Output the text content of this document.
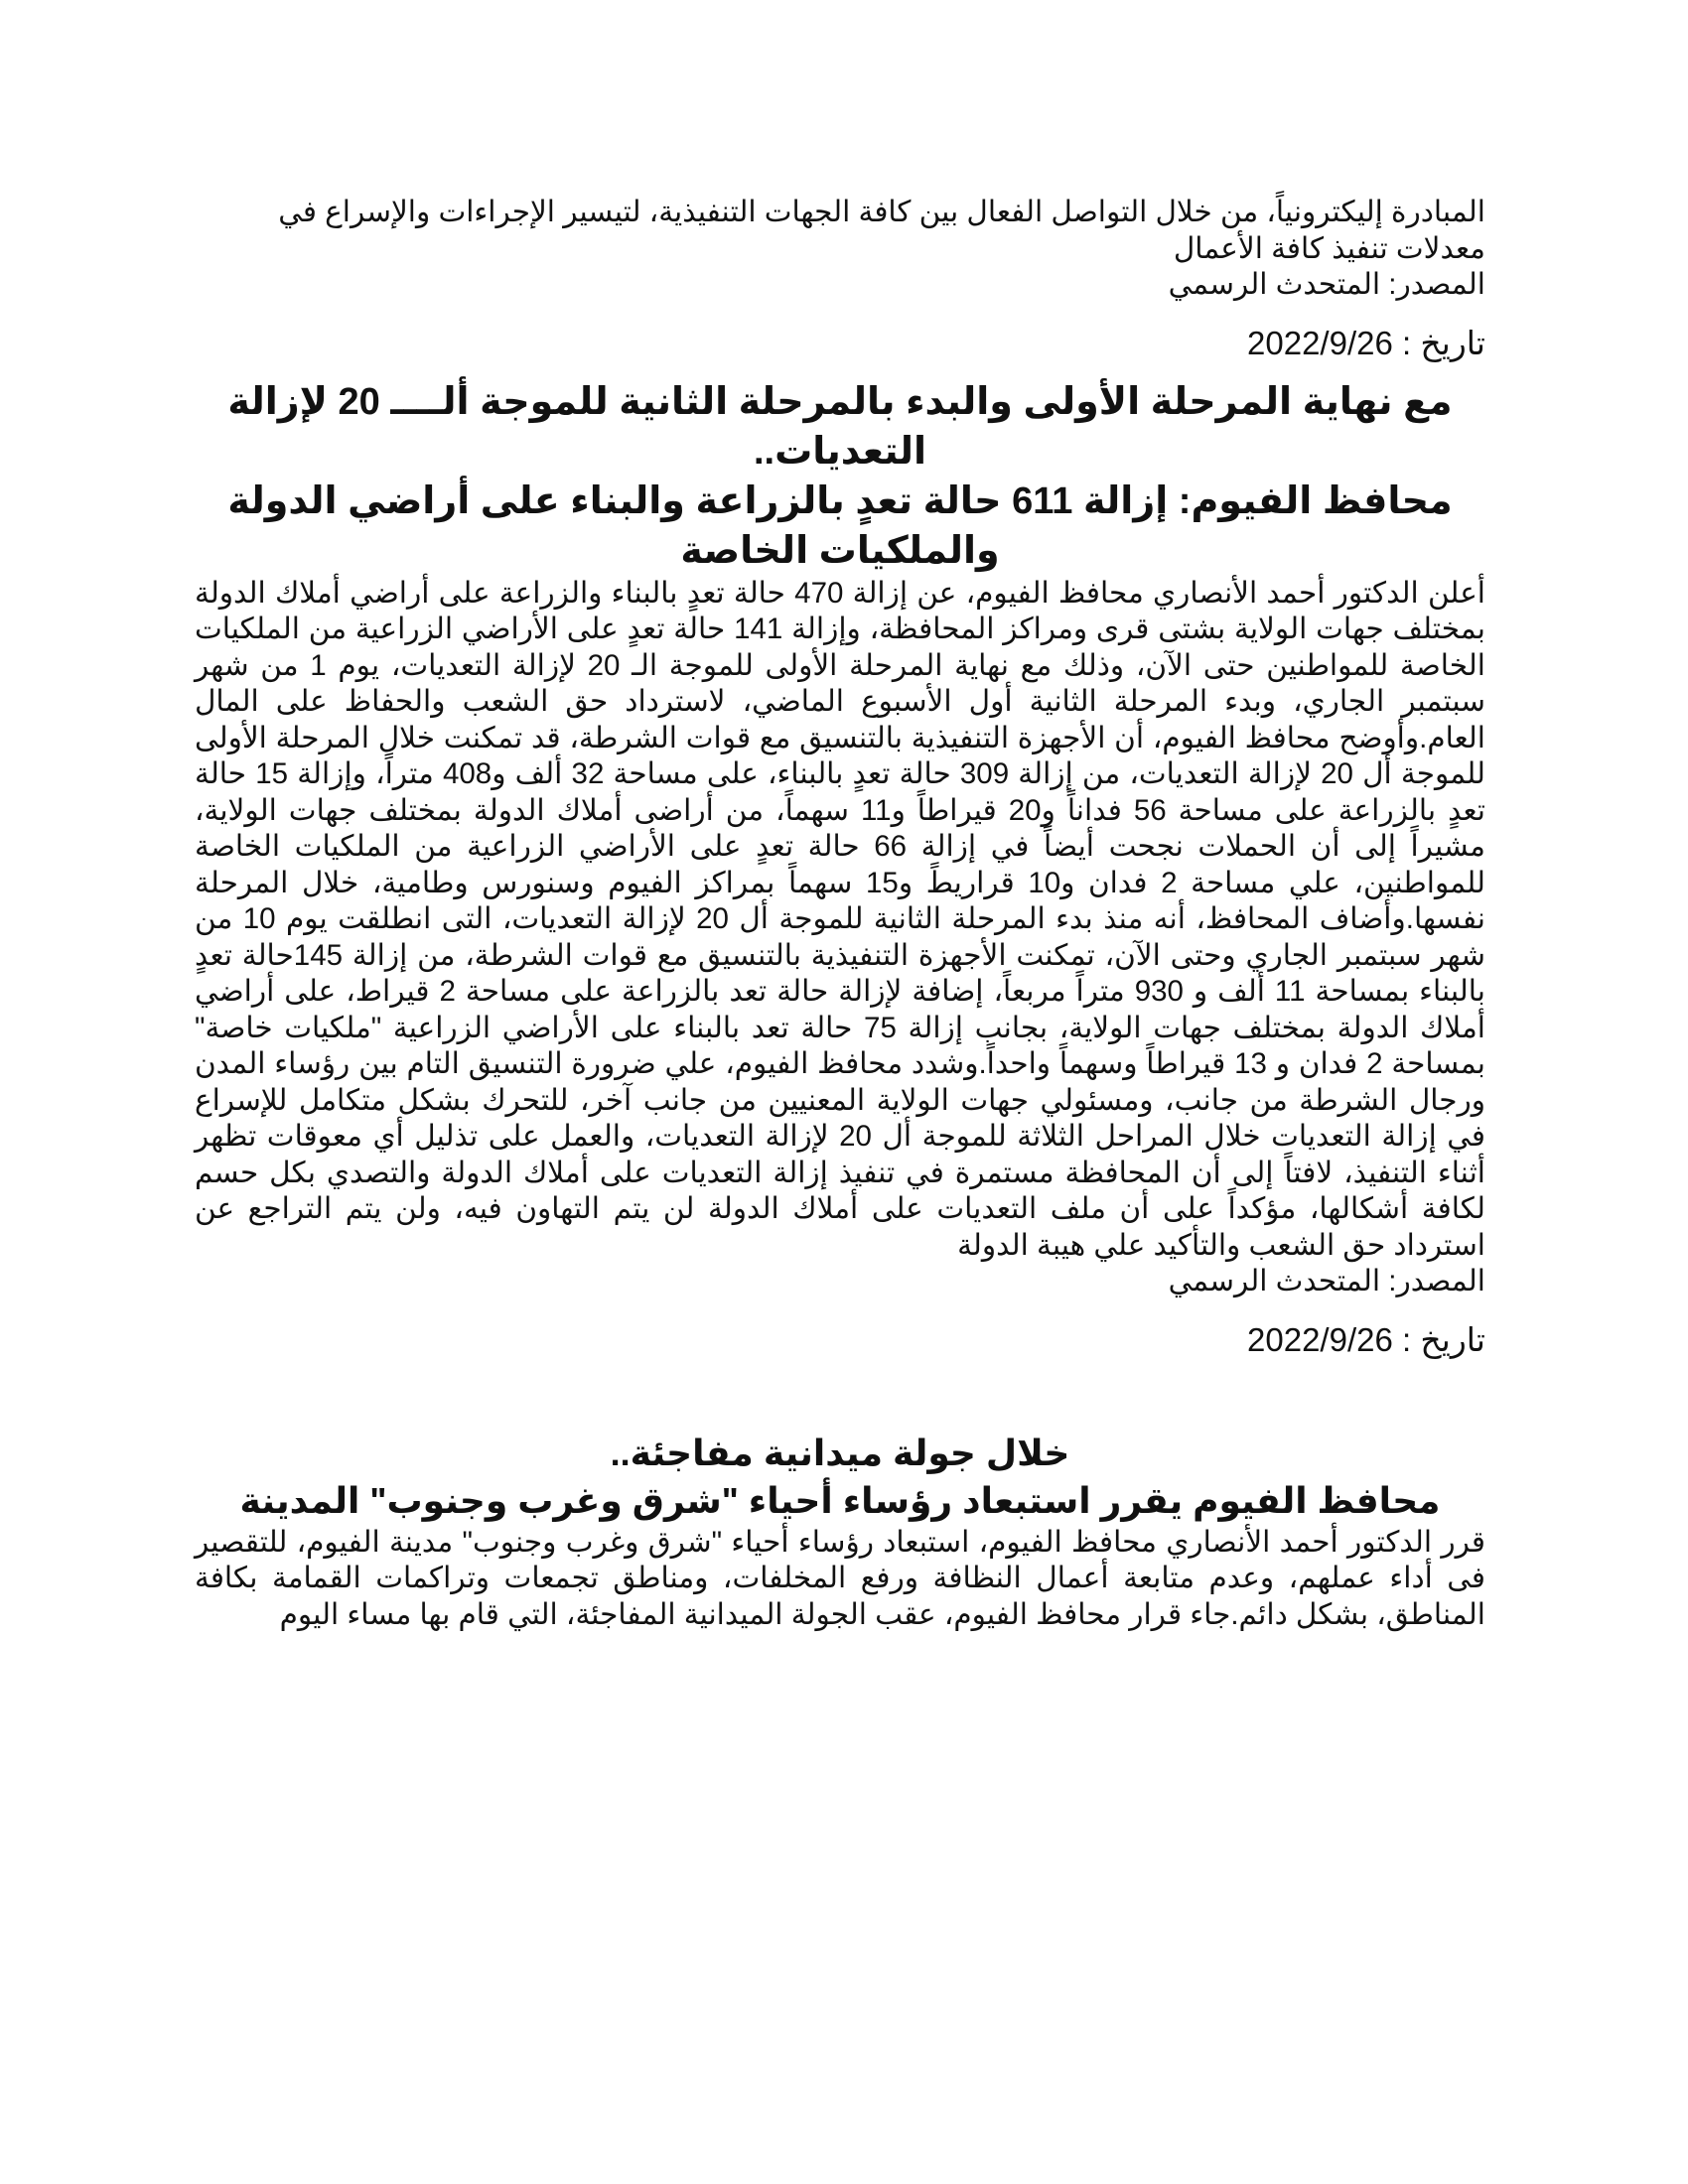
المبادرة إليكترونياً، من خلال التواصل الفعال بين كافة الجهات التنفيذية، لتيسير الإجراءات والإسراع في معدلات تنفيذ كافة الأعمال

المصدر: المتحدث الرسمي

تاريخ : 2022/9/26

مع نهاية المرحلة الأولى والبدء بالمرحلة الثانية للموجة ألــــ 20 لإزالة التعديات..
محافظ الفيوم: إزالة 611 حالة تعدٍ بالزراعة والبناء على أراضي الدولة والملكيات الخاصة

أعلن الدكتور أحمد الأنصاري محافظ الفيوم، عن إزالة 470 حالة تعدٍ بالبناء والزراعة على أراضي أملاك الدولة بمختلف جهات الولاية بشتى قرى ومراكز المحافظة، وإزالة 141 حالة تعدٍ على الأراضي الزراعية من الملكيات الخاصة للمواطنين حتى الآن، وذلك مع نهاية المرحلة الأولى للموجة الـ 20 لإزالة التعديات، يوم 1 من شهر سبتمبر الجاري، وبدء المرحلة الثانية أول الأسبوع الماضي، لاسترداد حق الشعب والحفاظ على المال العام.وأوضح محافظ الفيوم، أن الأجهزة التنفيذية بالتنسيق مع قوات الشرطة، قد تمكنت خلال المرحلة الأولى للموجة أل 20 لإزالة التعديات، من إزالة 309 حالة تعدٍ بالبناء، على مساحة 32 ألف و408 متراً، وإزالة 15 حالة تعدٍ بالزراعة على مساحة 56 فداناً و20 قيراطاً و11 سهماً، من أراضى أملاك الدولة بمختلف جهات الولاية، مشيراً إلى أن الحملات نجحت أيضاً في إزالة 66 حالة تعدٍ على الأراضي الزراعية من الملكيات الخاصة للمواطنين، علي مساحة 2 فدان و10 قراريطً و15 سهماً بمراكز الفيوم وسنورس وطامية، خلال المرحلة نفسها.وأضاف المحافظ، أنه منذ بدء المرحلة الثانية للموجة أل 20 لإزالة التعديات، التى انطلقت يوم 10 من شهر سبتمبر الجاري وحتى الآن، تمكنت الأجهزة التنفيذية بالتنسيق مع قوات الشرطة، من إزالة 145حالة تعدٍ بالبناء بمساحة 11 ألف و 930 متراً مربعاً، إضافة لإزالة حالة تعد بالزراعة على مساحة 2 قيراط، على أراضي أملاك الدولة بمختلف جهات الولاية، بجانب إزالة 75 حالة تعد بالبناء على الأراضي الزراعية "ملكيات خاصة" بمساحة 2 فدان و 13 قيراطاً وسهماً واحداً.وشدد محافظ الفيوم، علي ضرورة التنسيق التام بين رؤساء المدن ورجال الشرطة من جانب، ومسئولي جهات الولاية المعنيين من جانب آخر، للتحرك بشكل متكامل للإسراع في إزالة التعديات خلال المراحل الثلاثة للموجة أل 20 لإزالة التعديات، والعمل على تذليل أي معوقات تظهر أثناء التنفيذ، لافتاً إلى أن المحافظة مستمرة في تنفيذ إزالة التعديات على أملاك الدولة والتصدي بكل حسم لكافة أشكالها، مؤكداً على أن ملف التعديات على أملاك الدولة لن يتم التهاون فيه، ولن يتم التراجع عن استرداد حق الشعب والتأكيد علي هيبة الدولة

المصدر: المتحدث الرسمي

تاريخ : 2022/9/26

خلال جولة ميدانية مفاجئة..
محافظ الفيوم يقرر استبعاد رؤساء أحياء "شرق وغرب وجنوب" المدينة

قرر الدكتور أحمد الأنصاري محافظ الفيوم، استبعاد رؤساء أحياء "شرق وغرب وجنوب" مدينة الفيوم، للتقصير فى أداء عملهم، وعدم متابعة أعمال النظافة ورفع المخلفات، ومناطق تجمعات وتراكمات القمامة بكافة المناطق، بشكل دائم.جاء قرار محافظ الفيوم، عقب الجولة الميدانية المفاجئة، التي قام بها مساء اليوم
